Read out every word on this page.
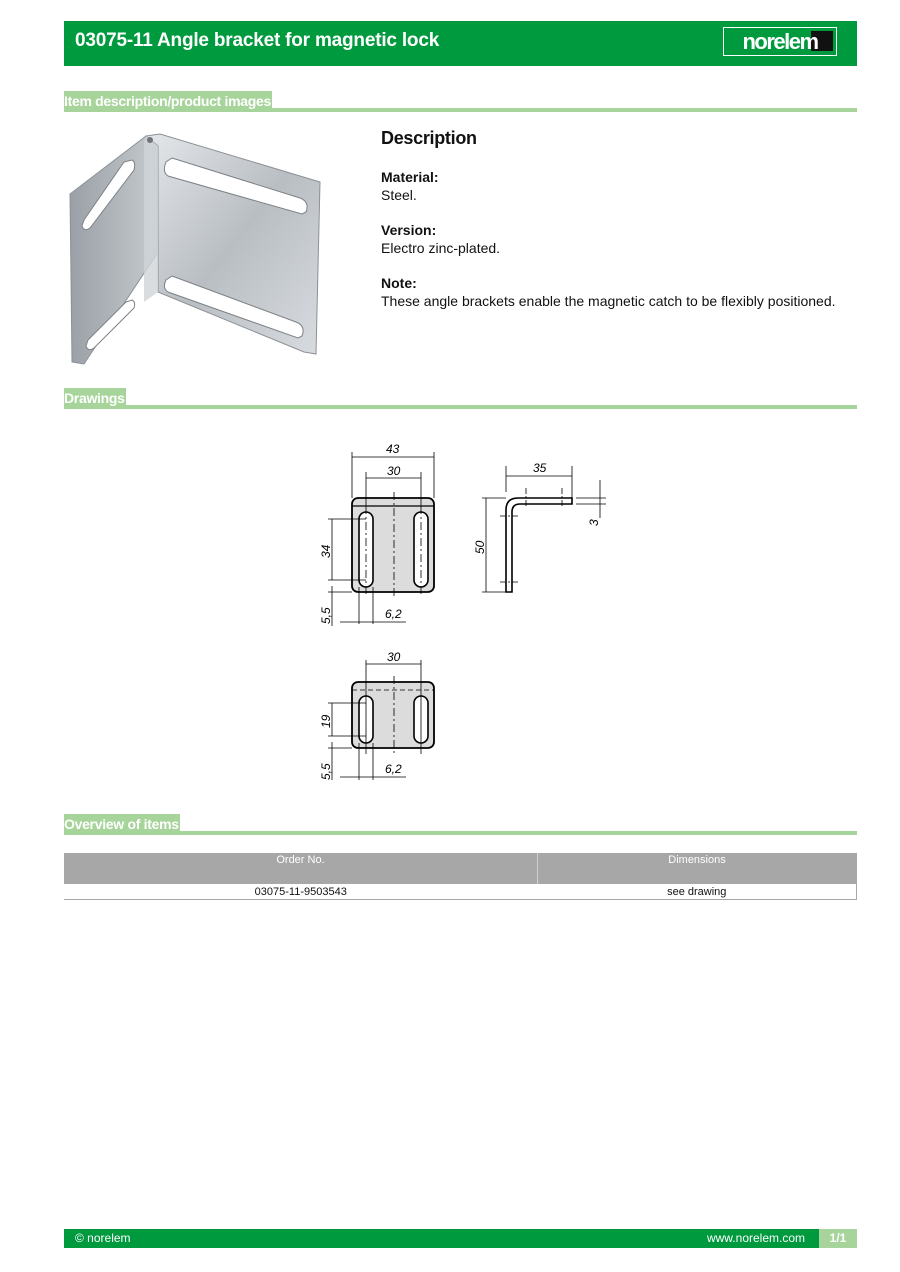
03075-11 Angle bracket for magnetic lock	norelem
Item description/product images

Description

Material:

Steel.

Version:

Electro zinc-plated.

Note:

These angle brackets enable the magnetic catch to be flexibly positioned.

Drawings
43
30
34
5,5	6,2
35
3
50
30
19
5,5	6,2
Overview of items
Order No.	Dimensions
03075-11-9503543	see drawing
© norelem	www.norelem.com	1/1
